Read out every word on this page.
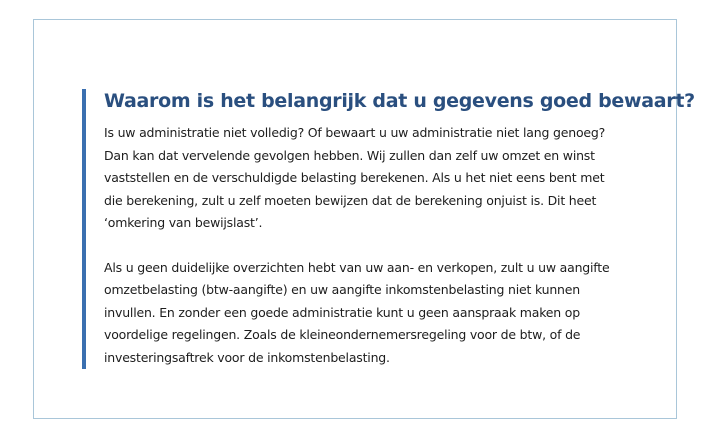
Waarom is het belangrijk dat u gegevens goed bewaart?

Is uw administratie niet volledig? Of bewaart u uw administratie niet lang genoeg? Dan kan dat vervelende gevolgen hebben. Wij zullen dan zelf uw omzet en winst vaststellen en de verschuldigde belasting berekenen. Als u het niet eens bent met die berekening, zult u zelf moeten bewijzen dat de berekening onjuist is. Dit heet ‘omkering van bewijslast’.

Als u geen duidelijke overzichten hebt van uw aan- en verkopen, zult u uw aangifte omzetbelasting (btw-aangifte) en uw aangifte inkomstenbelasting niet kunnen invullen. En zonder een goede administratie kunt u geen aanspraak maken op voordelige regelingen. Zoals de kleineondernemersregeling voor de btw, of de investeringsaftrek voor de inkomstenbelasting.
